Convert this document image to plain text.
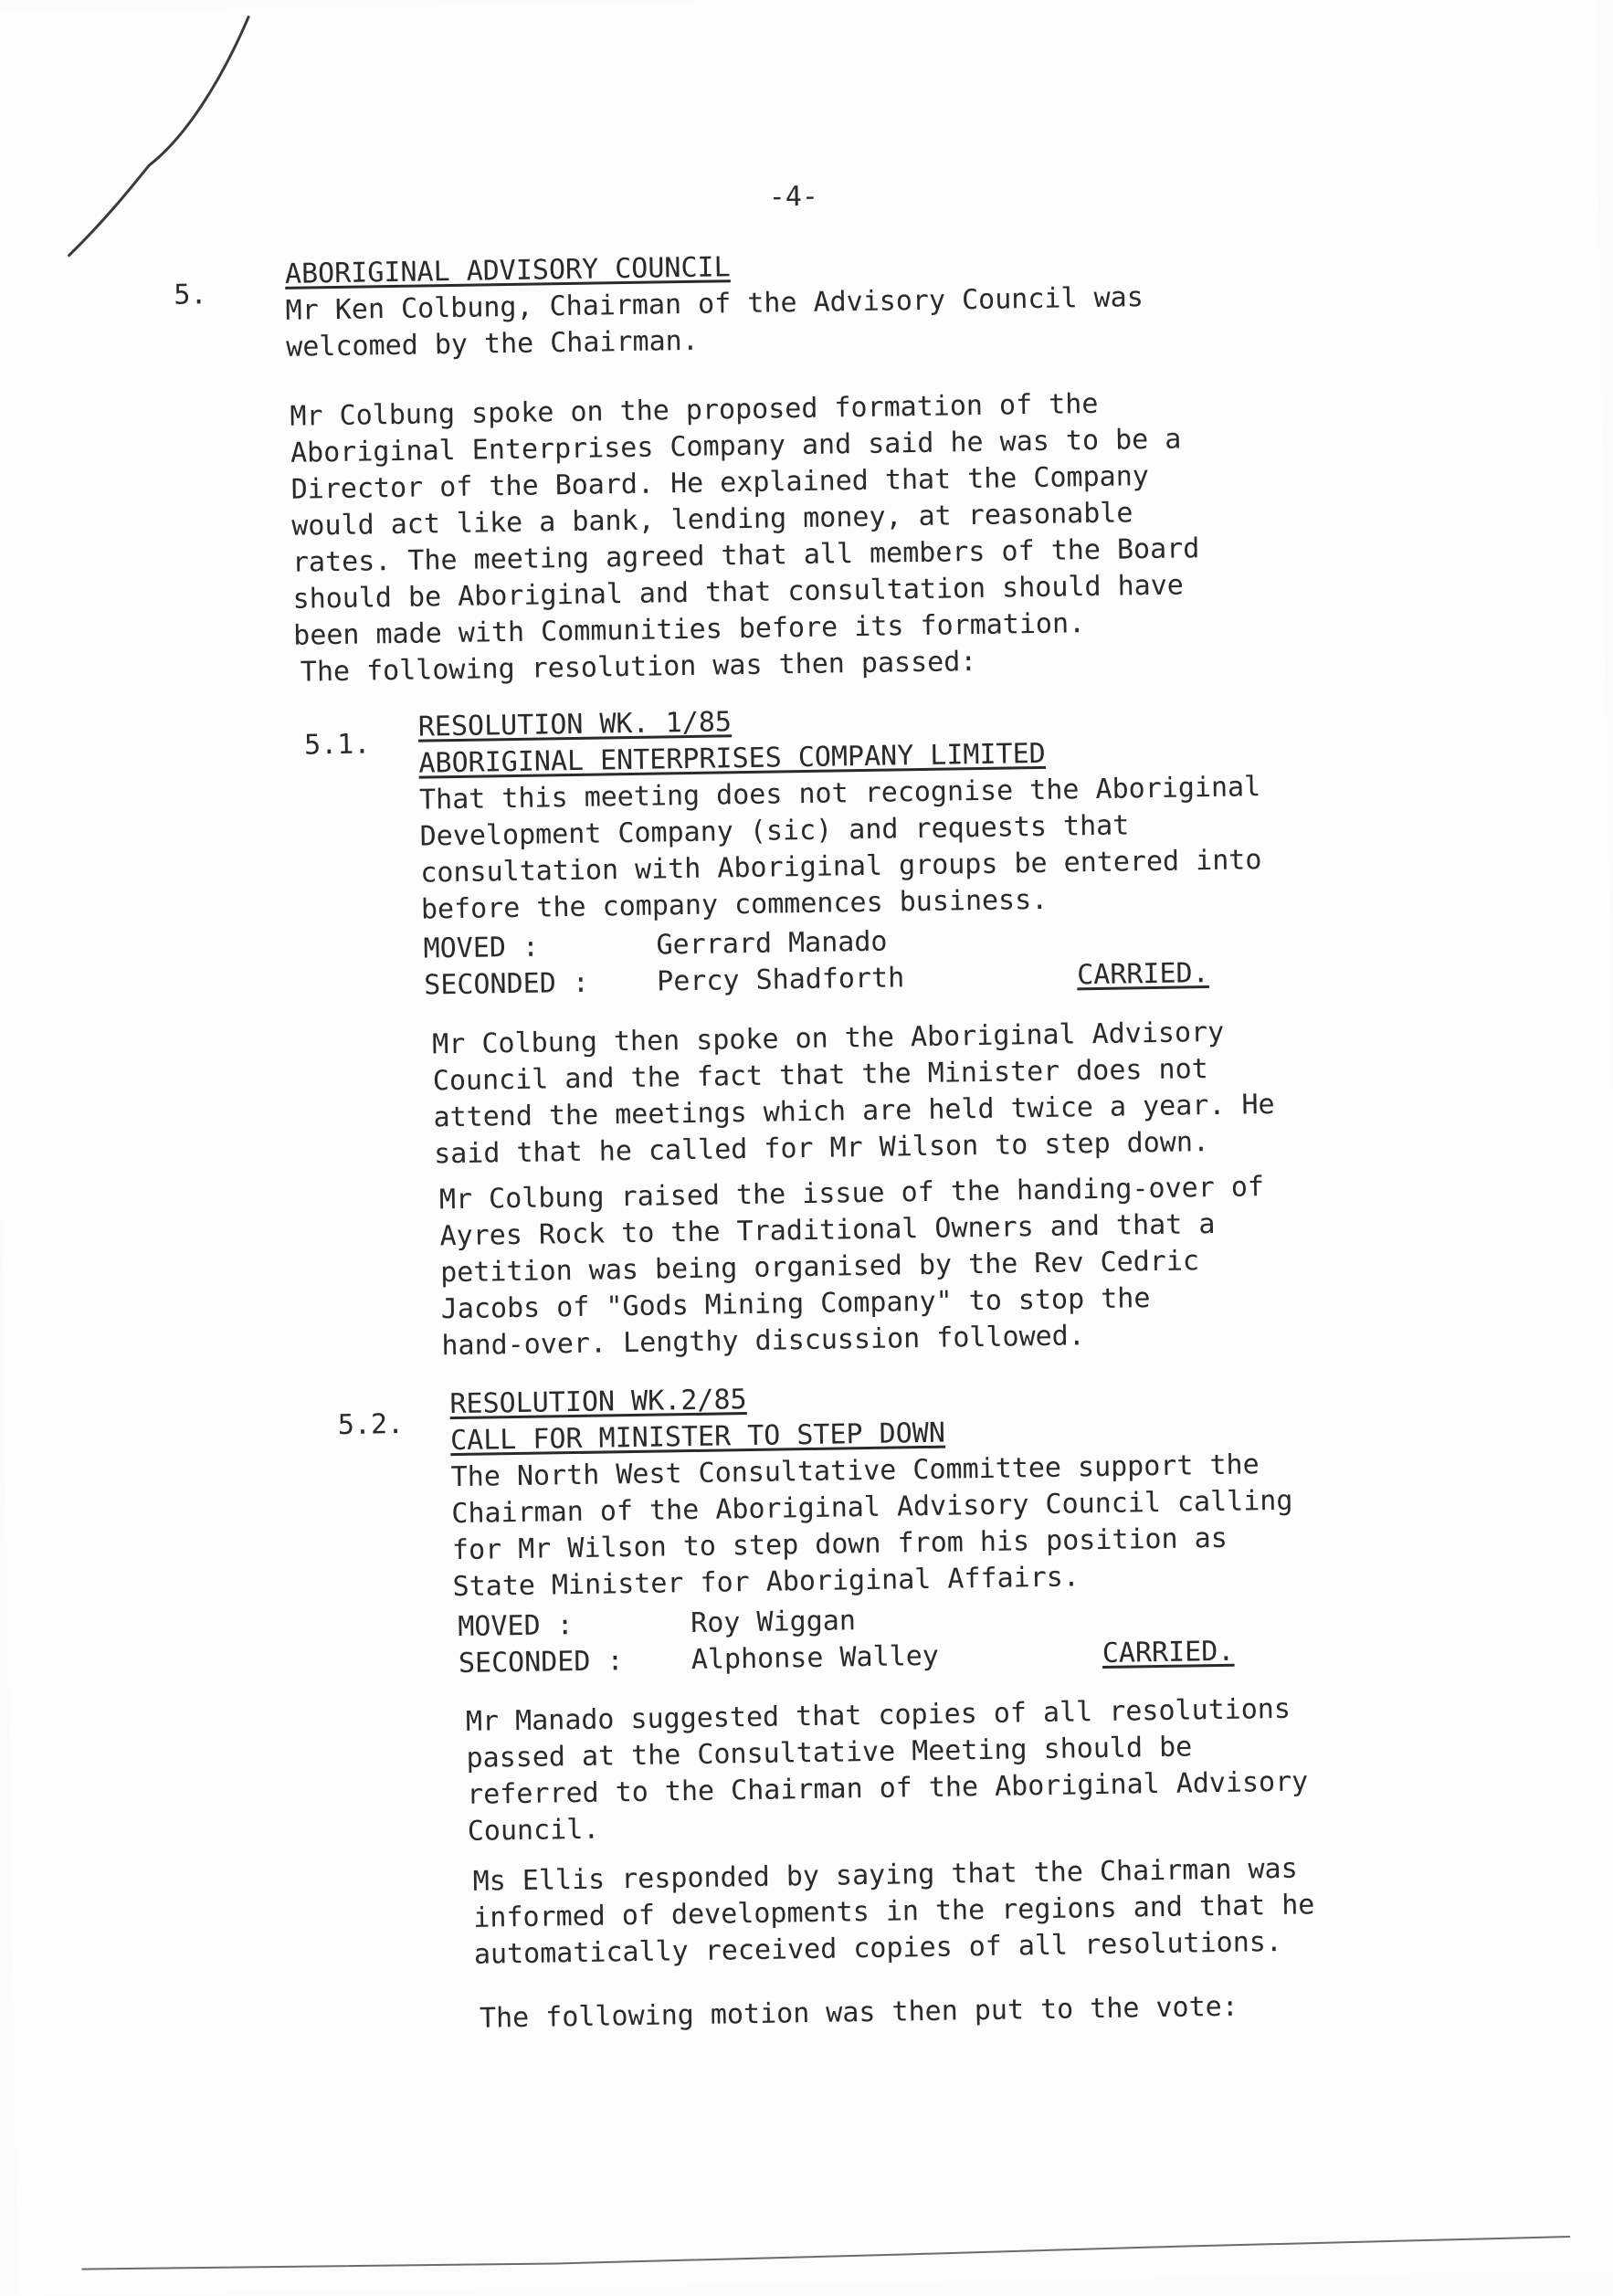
-4-
5.
ABORIGINAL ADVISORY COUNCIL
Mr Ken Colbung, Chairman of the Advisory Council was
welcomed by the Chairman.
Mr Colbung spoke on the proposed formation of the
Aboriginal Enterprises Company and said he was to be a
Director of the Board. He explained that the Company
would act like a bank, lending money, at reasonable
rates. The meeting agreed that all members of the Board
should be Aboriginal and that consultation should have
been made with Communities before its formation.
The following resolution was then passed:
5.1.
RESOLUTION WK. 1/85
ABORIGINAL ENTERPRISES COMPANY LIMITED
That this meeting does not recognise the Aboriginal
Development Company (sic) and requests that
consultation with Aboriginal groups be entered into
before the company commences business.
MOVED :	Gerrard Manado
SECONDED : Percy Shadforth	CARRIED.
Mr Colbung then spoke on the Aboriginal Advisory
Council and the fact that the Minister does not
attend the meetings which are held twice a year. He
said that he called for Mr Wilson to step down.
Mr Colbung raised the issue of the handing-over of
Ayres Rock to the Traditional Owners and that a
petition was being organised by the Rev Cedric
Jacobs of "Gods Mining Company" to stop the
hand-over. Lengthy discussion followed.
5.2.
RESOLUTION WK.2/85
CALL FOR MINISTER TO STEP DOWN
The North West Consultative Committee support the
Chairman of the Aboriginal Advisory Council calling
for Mr Wilson to step down from his position as
State Minister for Aboriginal Affairs.
MOVED :	Roy Wiggan
SECONDED : Alphonse Walley	CARRIED.
Mr Manado suggested that copies of all resolutions
passed at the Consultative Meeting should be
referred to the Chairman of the Aboriginal Advisory
Council.
Ms Ellis responded by saying that the Chairman was
informed of developments in the regions and that he
automatically received copies of all resolutions.
The following motion was then put to the vote:
